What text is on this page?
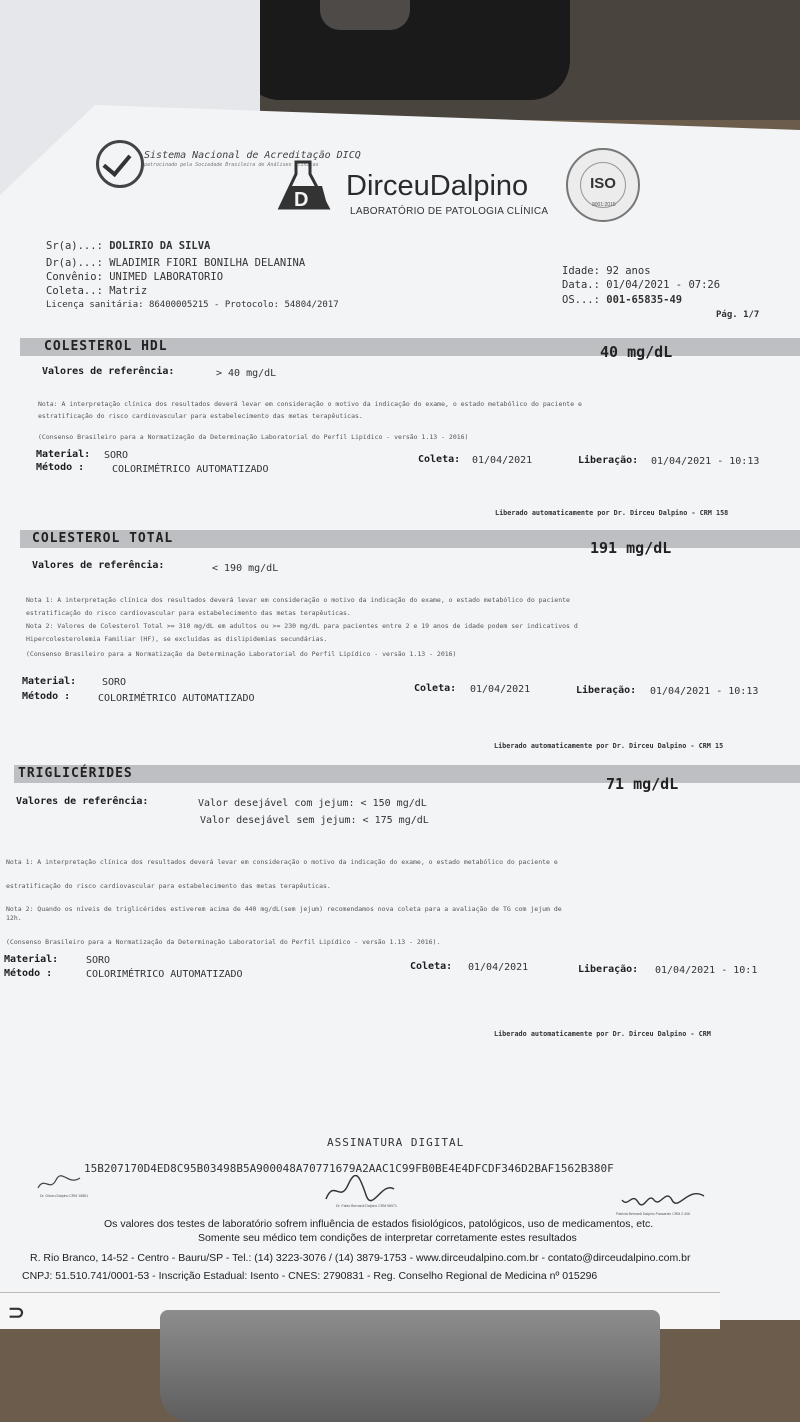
Sistema Nacional de Acreditação DICQ
patrocinado pela Sociedade Brasileira de Análises Clínicas
D DirceuDalpino
LABORATÓRIO DE PATOLOGIA CLÍNICA
ISO
9001:2015
Sr(a)...: DOLIRIO DA SILVA
Dr(a)...: WLADIMIR FIORI BONILHA DELANINA
Convênio: UNIMED LABORATORIO
Coleta..: Matriz
Licença sanitária: 86400005215 - Protocolo: 54804/2017
Idade: 92 anos
Data.: 01/04/2021 - 07:26
OS...: 001-65835-49
Pág. 1/7
COLESTEROL HDL	40 mg/dL
Valores de referência:	> 40 mg/dL
Nota: A interpretação clínica dos resultados deverá levar em consideração o motivo da indicação do exame, o estado metabólico do paciente e
estratificação do risco cardiovascular para estabelecimento das metas terapêuticas.
(Consenso Brasileiro para a Normatização da Determinação Laboratorial do Perfil Lipídico - versão 1.13 - 2016)
Material: SORO
Método :	COLORIMÉTRICO AUTOMATIZADO
Coleta: 01/04/2021	Liberação: 01/04/2021 - 10:13
Liberado automaticamente por Dr. Dirceu Dalpino - CRM 158
COLESTEROL TOTAL
191 mg/dL
Valores de referência:	< 190 mg/dL
Nota 1: A interpretação clínica dos resultados deverá levar em consideração o motivo da indicação do exame, o estado metabólico do paciente
estratificação do risco cardiovascular para estabelecimento das metas terapêuticas.
Nota 2: Valores de Colesterol Total >= 310 mg/dL em adultos ou >= 230 mg/dL para pacientes entre 2 e 19 anos de idade podem ser indicativos d
Hipercolesterolemia Familiar (HF), se excluídas as dislipidemias secundárias.
(Consenso Brasileiro para a Normatização da Determinação Laboratorial do Perfil Lipídico - versão 1.13 - 2016)
Material:	SORO
Método :	COLORIMÉTRICO AUTOMATIZADO
Coleta: 01/04/2021	Liberação: 01/04/2021 - 10:13
Liberado automaticamente por Dr. Dirceu Dalpino - CRM 15
TRIGLICÉRIDES
71 mg/dL
Valores de referência:	Valor desejável com jejum: < 150 mg/dL
Valor desejável sem jejum: < 175 mg/dL
Nota 1: A interpretação clínica dos resultados deverá levar em consideração o motivo da indicação do exame, o estado metabólico do paciente e
estratificação do risco cardiovascular para estabelecimento das metas terapêuticas.
Nota 2: Quando os níveis de triglicérides estiverem acima de 440 mg/dL(sem jejum) recomendamos nova coleta para a avaliação de TG com jejum de
12h.
(Consenso Brasileiro para a Normatização da Determinação Laboratorial do Perfil Lipídico - versão 1.13 - 2016).
Material:	SORO
Método :	COLORIMÉTRICO AUTOMATIZADO
Coleta: 01/04/2021	Liberação: 01/04/2021 - 10:1
Liberado automaticamente por Dr. Dirceu Dalpino - CRM
ASSINATURA DIGITAL
15B207170D4ED8C95B03498B5A900048A70771679A2AAC1C99FB0BE4E4DFCDF346D2BAF1562B380F
Dr. Dirceu Dalpino CRM 15881
Dr. Fabio Bernardi Dalpino CRM 96971
Patricia Bernardi Dalpino Passarelo CRM 2.406
Os valores dos testes de laboratório sofrem influência de estados fisiológicos, patológicos, uso de medicamentos, etc.
Somente seu médico tem condições de interpretar corretamente estes resultados
R. Rio Branco, 14-52 - Centro - Bauru/SP - Tel.: (14) 3223-3076 / (14) 3879-1753 - www.dirceudalpino.com.br - contato@dirceudalpino.com.br
CNPJ: 51.510.741/0001-53 - Inscrição Estadual: Isento - CNES: 2790831 - Reg. Conselho Regional de Medicina nº 015296
⊃
